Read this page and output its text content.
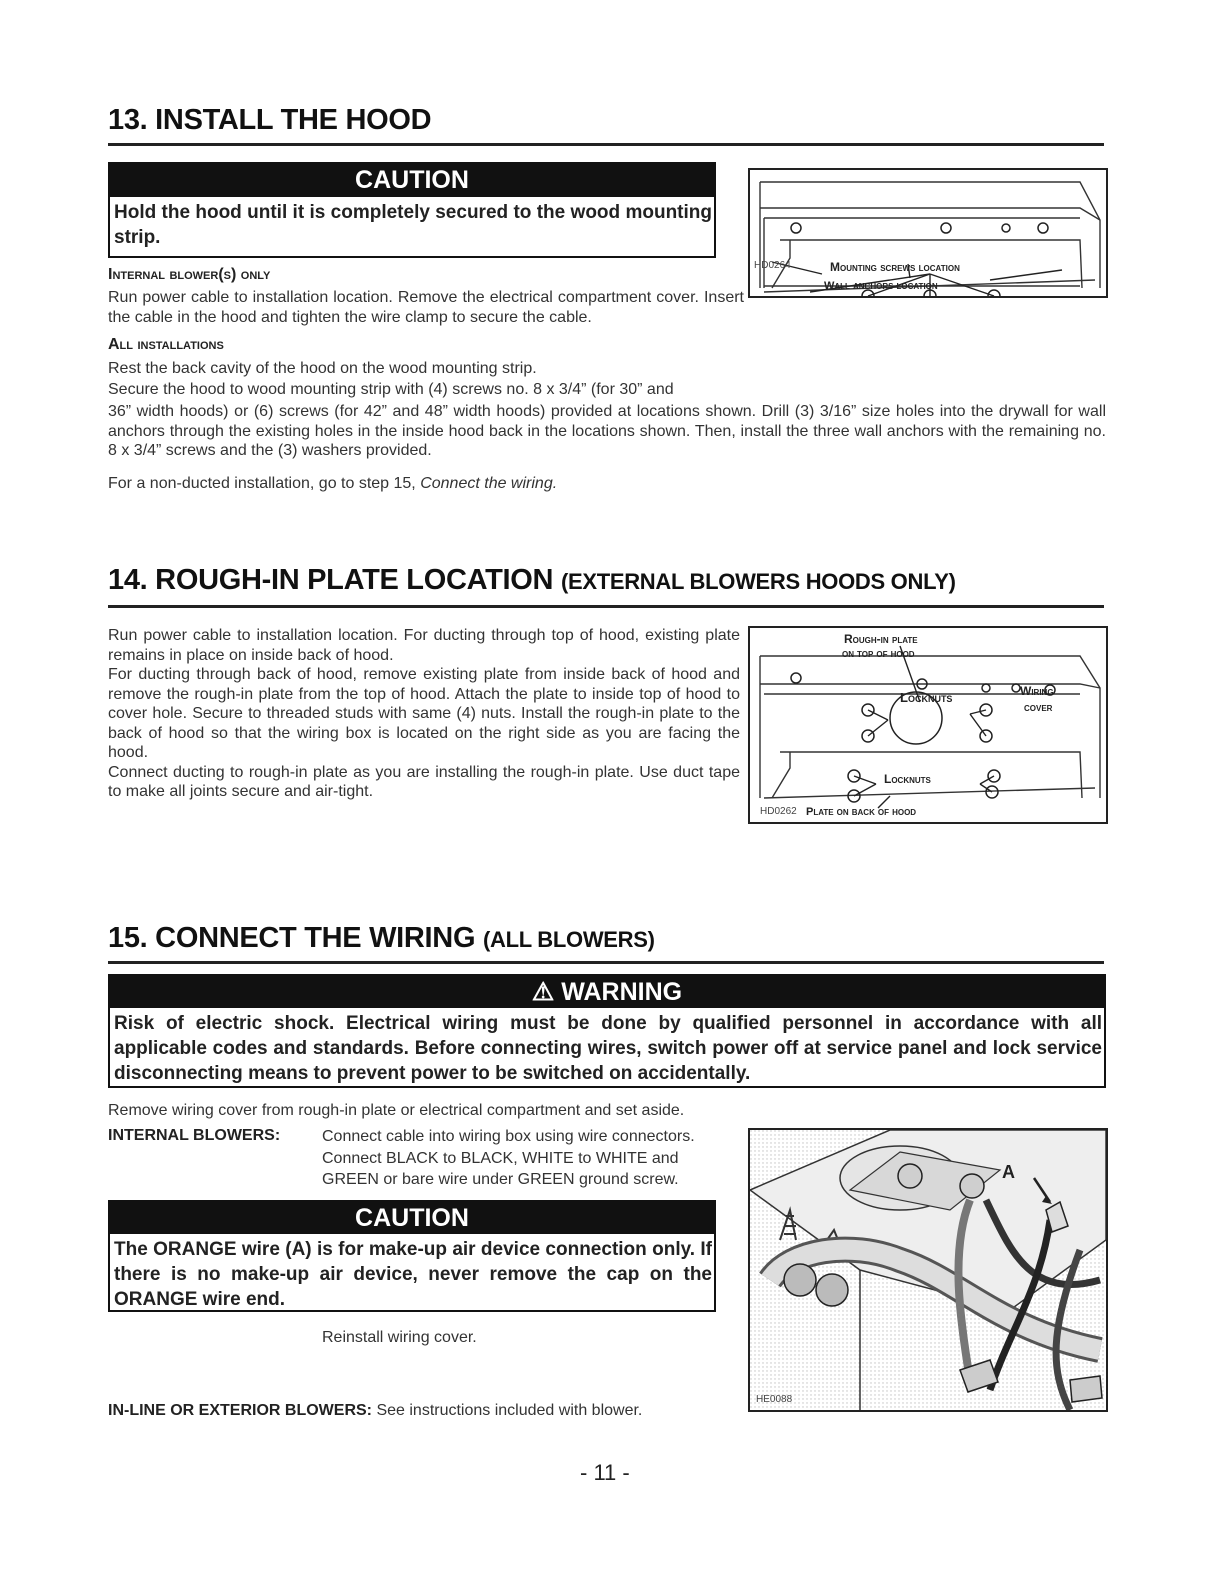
13. INSTALL THE HOOD
CAUTION
Hold the hood until it is completely secured to the wood mounting strip.
Internal blower(s) only
Run power cable to installation location. Remove the electrical compartment cover. Insert the cable in the hood and tighten the wire clamp to secure the cable.
All installations
Rest the back cavity of the hood on the wood mounting strip.
Secure the hood to wood mounting strip with (4) screws no. 8 x 3/4” (for 30” and
36” width hoods) or (6) screws (for 42” and 48” width hoods) provided at locations shown. Drill (3) 3/16” size holes into the drywall for wall anchors through the existing holes in the inside hood back in the locations shown. Then, install the three wall anchors with the remaining no. 8 x 3/4” screws and the (3) washers provided.
For a non-ducted installation, go to step 15, Connect the wiring.
Mounting screws location
Wall anchors location
HD0264
14. ROUGH-IN PLATE LOCATION (EXTERNAL BLOWERS HOODS ONLY)
Run power cable to installation location. For ducting through top of hood, existing plate remains in place on inside back of hood.
For ducting through back of hood, remove existing plate from inside back of hood and remove the rough-in plate from the top of hood. Attach the plate to inside top of hood to cover hole. Secure to threaded studs with same (4) nuts. Install the rough-in plate to the back of hood so that the wiring box is located on the right side as you are facing the hood.
Connect ducting to rough-in plate as you are installing the rough-in plate. Use duct tape to make all joints secure and air-tight.
Rough-in plate
on top of hood
Locknuts	Wiring
cover
Locknuts
Plate on back of hood
HD0262
15. CONNECT THE WIRING (ALL BLOWERS)
⚠ WARNING
Risk of electric shock. Electrical wiring must be done by qualified personnel in accordance with all applicable codes and standards. Before connecting wires, switch power off at service panel and lock service disconnecting means to prevent power to be switched on accidentally.
Remove wiring cover from rough-in plate or electrical compartment and set aside.
INTERNAL BLOWERS:	Connect cable into wiring box using wire connectors.
Connect BLACK to BLACK, WHITE to WHITE and
GREEN or bare wire under GREEN ground screw.
CAUTION
The ORANGE wire (A) is for make-up air device connection only. If there is no make-up air device, never remove the cap on the ORANGE wire end.
Reinstall wiring cover.
IN-LINE OR EXTERIOR BLOWERS: See instructions included with blower.
A
HE0088
- 11 -
